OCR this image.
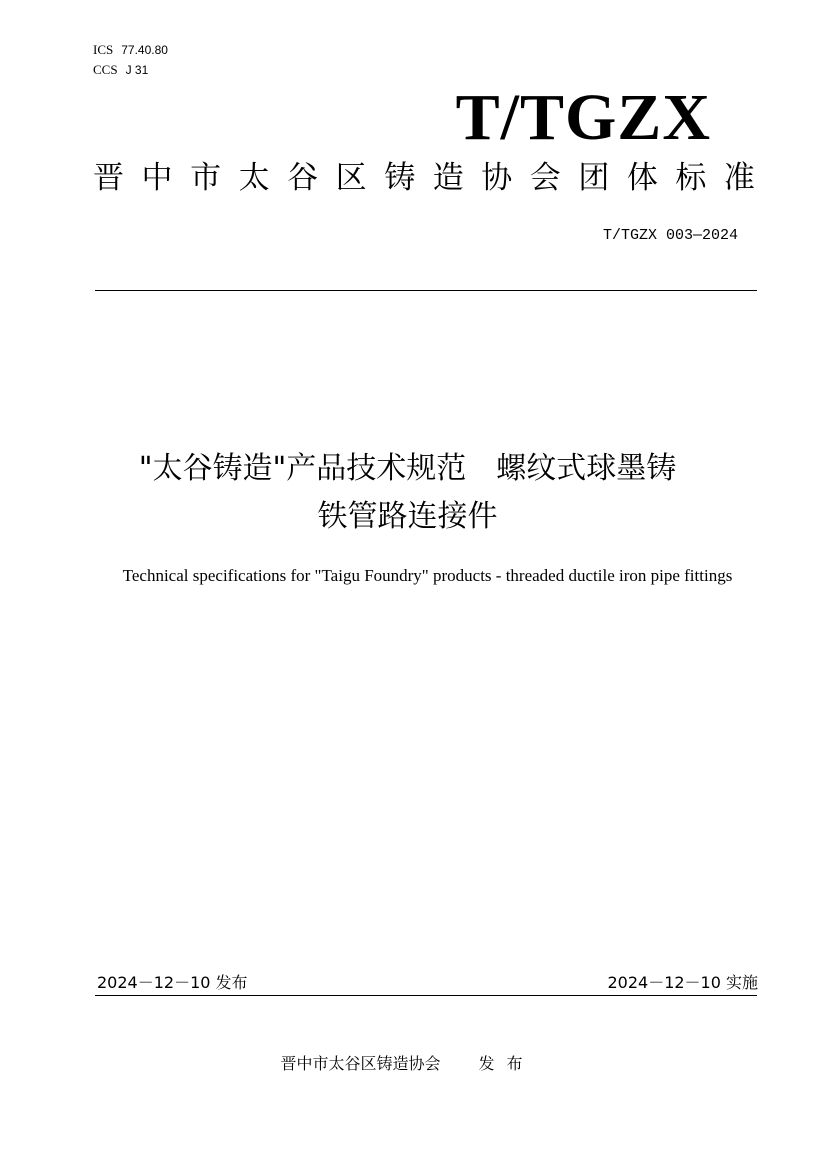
ICS 77.40.80
CCS J 31
T/TGZX
晋 中 市 太 谷 区 铸 造 协 会 团 体 标 准
T/TGZX 003—2024
"太谷铸造"产品技术规范　螺纹式球墨铸
铁管路连接件
Technical specifications for "Taigu Foundry" products - threaded ductile iron pipe fittings
2024－12－10 发布	2024－12－10 实施
晋中市太谷区铸造协会 发布
